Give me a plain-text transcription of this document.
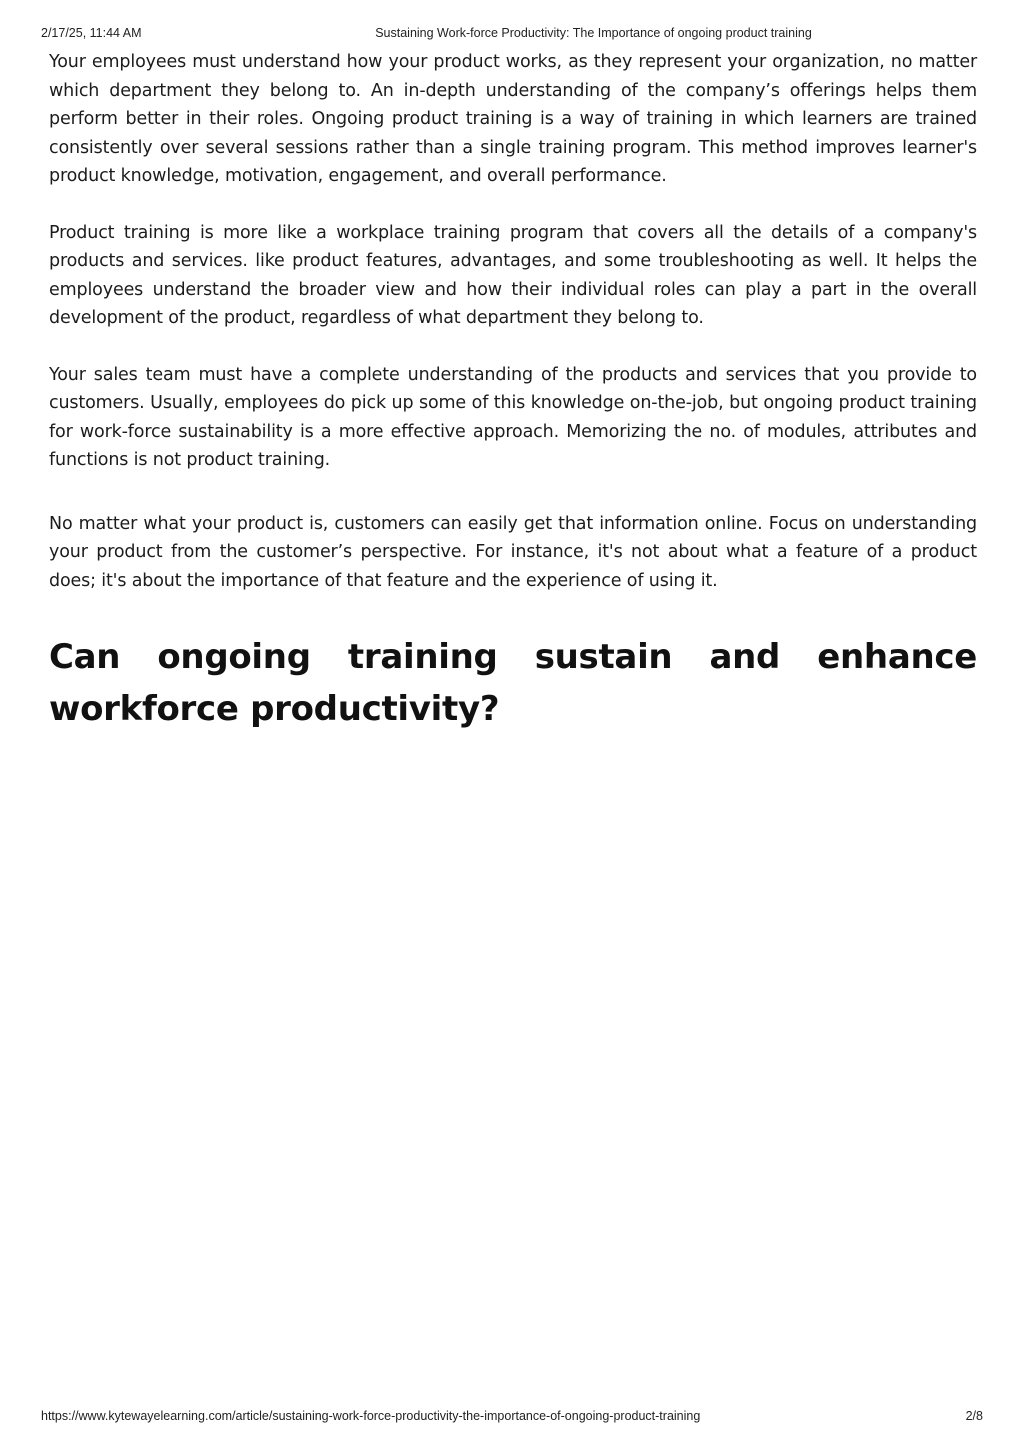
2/17/25, 11:44 AM	Sustaining Work-force Productivity: The Importance of ongoing product training

Your employees must understand how your product works, as they represent your organization, no matter which department they belong to. An in-depth understanding of the company’s offerings helps them perform better in their roles. Ongoing product training is a way of training in which learners are trained consistently over several sessions rather than a single training program. This method improves learner's product knowledge, motivation, engagement, and overall performance.

Product training is more like a workplace training program that covers all the details of a company's products and services. like product features, advantages, and some troubleshooting as well. It helps the employees understand the broader view and how their individual roles can play a part in the overall development of the product, regardless of what department they belong to.

Your sales team must have a complete understanding of the products and services that you provide to customers. Usually, employees do pick up some of this knowledge on-the-job, but ongoing product training for work-force sustainability is a more effective approach. Memorizing the no. of modules, attributes and functions is not product training.

No matter what your product is, customers can easily get that information online. Focus on understanding your product from the customer’s perspective. For instance, it's not about what a feature of a product does; it's about the importance of that feature and the experience of using it.

Can ongoing training sustain and enhance workforce productivity?
https://www.kytewayelearning.com/article/sustaining-work-force-productivity-the-importance-of-ongoing-product-training	2/8
